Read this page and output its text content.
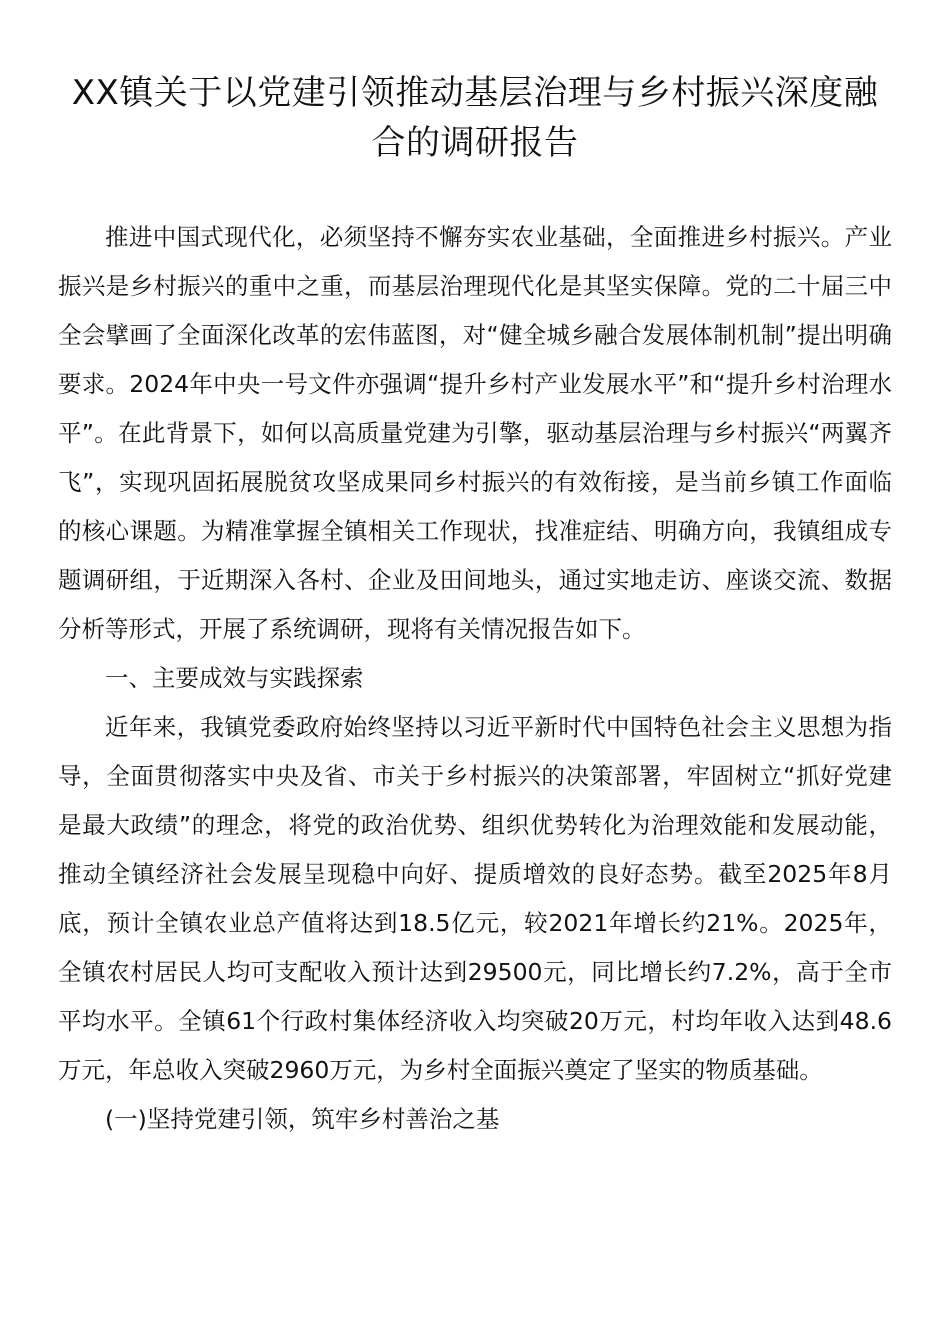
XX镇关于以党建引领推动基层治理与乡村振兴深度融合的调研报告

推进中国式现代化，必须坚持不懈夯实农业基础，全面推进乡村振兴。产业振兴是乡村振兴的重中之重，而基层治理现代化是其坚实保障。党的二十届三中全会擘画了全面深化改革的宏伟蓝图，对“健全城乡融合发展体制机制”提出明确要求。2024年中央一号文件亦强调“提升乡村产业发展水平”和“提升乡村治理水平”。在此背景下，如何以高质量党建为引擎，驱动基层治理与乡村振兴“两翼齐飞”，实现巩固拓展脱贫攻坚成果同乡村振兴的有效衔接，是当前乡镇工作面临的核心课题。为精准掌握全镇相关工作现状，找准症结、明确方向，我镇组成专题调研组，于近期深入各村、企业及田间地头，通过实地走访、座谈交流、数据分析等形式，开展了系统调研，现将有关情况报告如下。

一、主要成效与实践探索

近年来，我镇党委政府始终坚持以习近平新时代中国特色社会主义思想为指导，全面贯彻落实中央及省、市关于乡村振兴的决策部署，牢固树立“抓好党建是最大政绩”的理念，将党的政治优势、组织优势转化为治理效能和发展动能，推动全镇经济社会发展呈现稳中向好、提质增效的良好态势。截至2025年8月底，预计全镇农业总产值将达到18.5亿元，较2021年增长约21%。2025年，全镇农村居民人均可支配收入预计达到29500元，同比增长约7.2%，高于全市平均水平。全镇61个行政村集体经济收入均突破20万元，村均年收入达到48.6万元，年总收入突破2960万元，为乡村全面振兴奠定了坚实的物质基础。

(一)坚持党建引领，筑牢乡村善治之基
